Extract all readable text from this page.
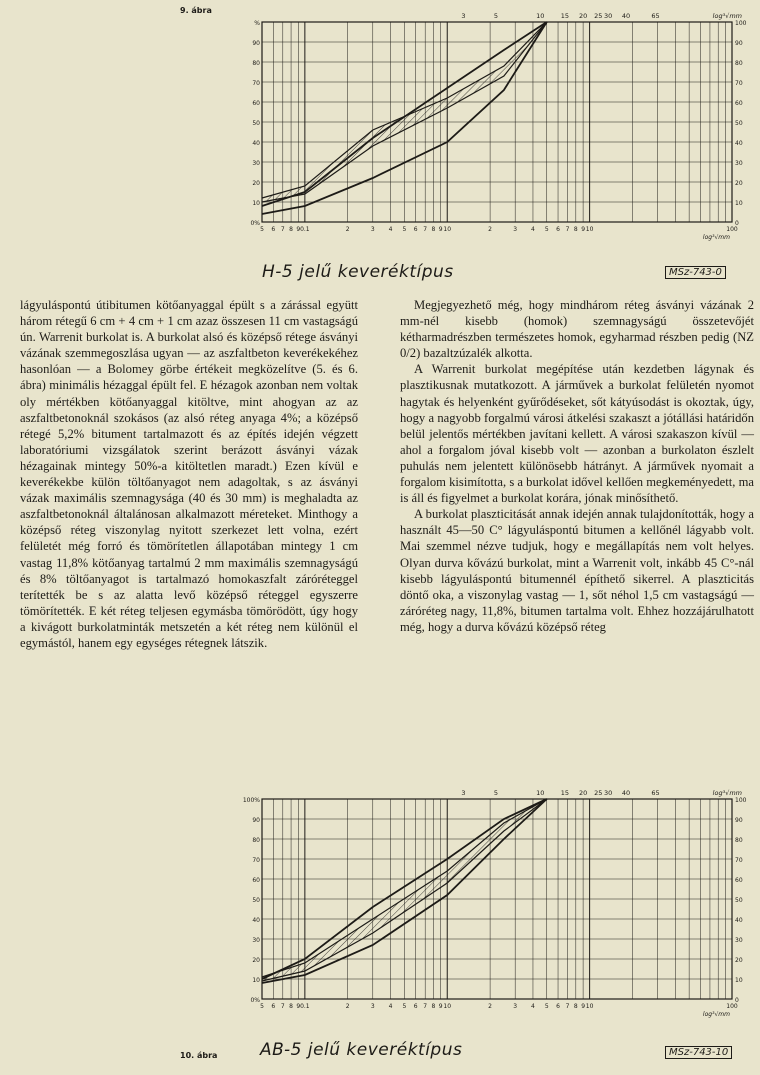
9. ábra
0%
10
20
30
40
50
60
70
80
90
%
0
10
20
30
40
50
60
70
80
90
100
5 6 7 8 9 0.1	2	3 4 5 6 7 8 9 10	2	3 4 5 6 7 8 9 10	100
log³√mm
3	5	10	15 20 25 30 40	65	log³√mm
H-5 jelű keveréktípus	MSz-743-0

lágyuláspontú útibitumen kötőanyaggal épült s a zárással együtt három rétegű 6 cm + 4 cm + 1 cm azaz összesen 11 cm vastagságú ún. Warrenit burkolat is. A burkolat alsó és középső rétege ásványi vázának szemmegoszlása ugyan — az aszfaltbeton keverékekéhez hasonlóan — a Bolomey görbe értékeit megközelítve (5. és 6. ábra) minimális hézaggal épült fel. E hézagok azonban nem voltak oly mértékben kötőanyaggal kitöltve, mint ahogyan az az aszfaltbetonoknál szokásos (az alsó réteg anyaga 4%; a középső rétegé 5,2% bitument tartalmazott és az építés idején végzett laboratóriumi vizsgálatok szerint berázott ásványi vázak hézagainak mintegy 50%-a kitöltetlen maradt.) Ezen kívül e keverékekbe külön töltőanyagot nem adagoltak, s az ásványi vázak maximális szemnagysága (40 és 30 mm) is meghaladta az aszfaltbetonoknál általánosan alkalmazott méreteket. Minthogy a középső réteg viszonylag nyitott szerkezet lett volna, ezért felületét még forró és tömörítetlen állapotában mintegy 1 cm vastag 11,8% kötőanyag tartalmú 2 mm maximális szemnagyságú és 8% töltőanyagot is tartalmazó homokaszfalt záróréteggel terítették be s az alatta levő középső réteggel egyszerre tömörítették. E két réteg teljesen egymásba tömörödött, úgy hogy a kivágott burkolatminták metszetén a két réteg nem különül el egymástól, hanem egy egységes rétegnek látszik.

Megjegyezhető még, hogy mindhárom réteg ásványi vázának 2 mm-nél kisebb (homok) szemnagyságú összetevőjét kétharmadrészben természetes homok, egyharmad részben pedig (NZ 0/2) bazaltzúzalék alkotta.

A Warrenit burkolat megépítése után kezdetben lágynak és plasztikusnak mutatkozott. A járművek a burkolat felületén nyomot hagytak és helyenként gyűrődéseket, sőt kátyúsodást is okoztak, úgy, hogy a nagyobb forgalmú városi átkelési szakaszt a jótállási határidőn belül jelentős mértékben javítani kellett. A városi szakaszon kívül — ahol a forgalom jóval kisebb volt — azonban a burkolaton észlelt puhulás nem jelentett különösebb hátrányt. A járművek nyomait a forgalom kisimította, s a burkolat idővel kellően megkeményedett, ma is áll és figyelmet a burkolat korára, jónak minősíthető.

A burkolat plaszticitását annak idején annak tulajdonították, hogy a használt 45—50 C° lágyuláspontú bitumen a kellőnél lágyabb volt. Mai szemmel nézve tudjuk, hogy e megállapítás nem volt helyes. Olyan durva kővázú burkolat, mint a Warrenit volt, inkább 45 C°-nál kisebb lágyuláspontú bitumennél építhető sikerrel. A plaszticitás döntő oka, a viszonylag vastag — 1, sőt néhol 1,5 cm vastagságú — záróréteg nagy, 11,8%, bitumen tartalma volt. Ehhez hozzájárulhatott még, hogy a durva kővázú középső réteg

0%
10
20
30
40
50
60
70
80
90
100%
0
10
20
30
40
50
60
70
80
90
100
5 6 7 8 9 0.1	2	3 4 5 6 7 8 9 10	2	3 4 5 6 7 8 9 10	100
log³√mm
3	5	10	15 20 25 30 40	65	log³√mm
10. ábra	AB-5 jelű keveréktípus	MSz-743-10
